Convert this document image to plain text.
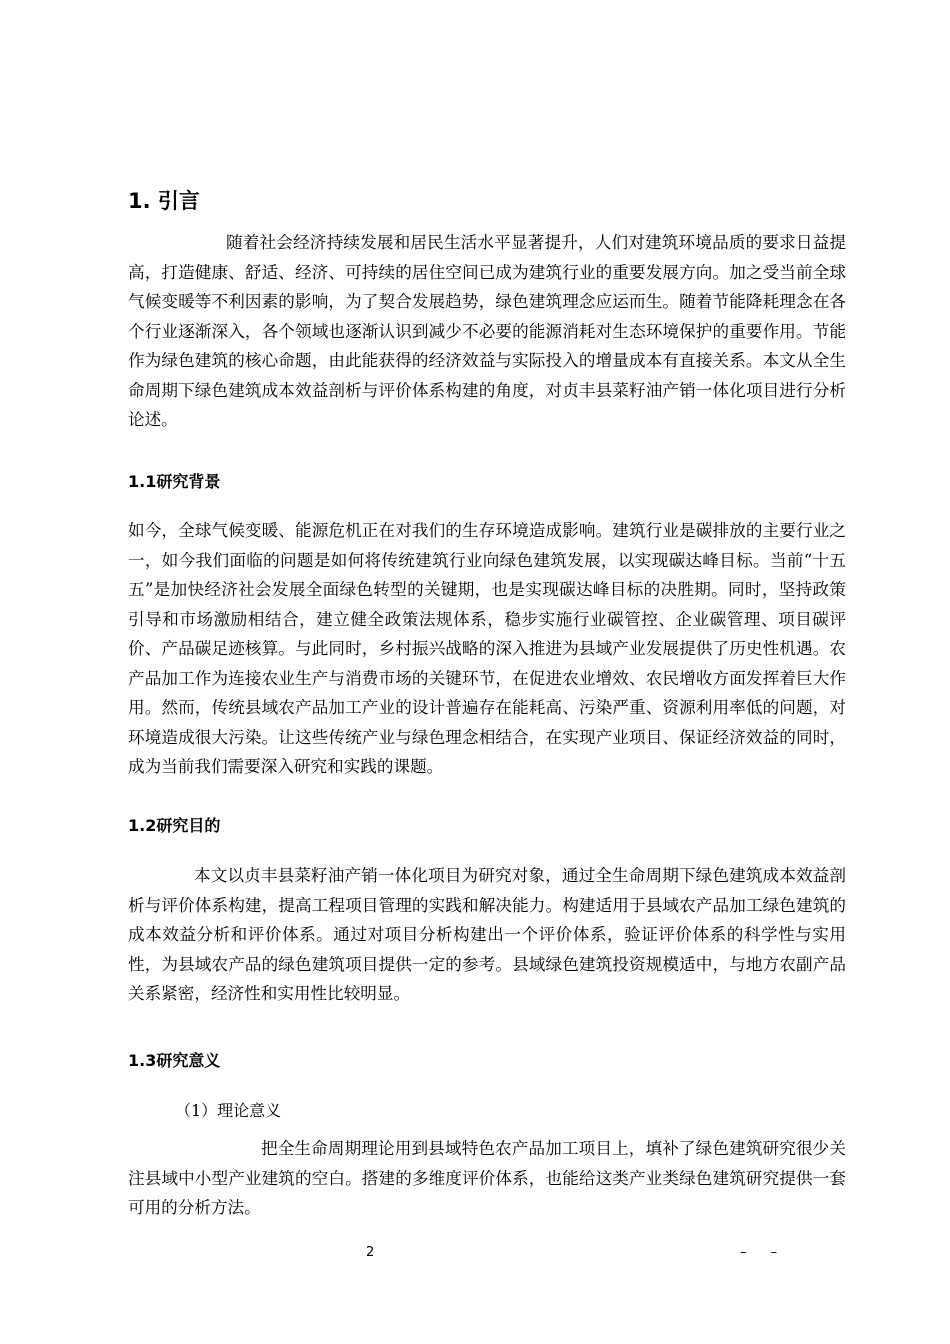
1. 引言

随着社会经济持续发展和居民生活水平显著提升，人们对建筑环境品质的要求日益提高，打造健康、舒适、经济、可持续的居住空间已成为建筑行业的重要发展方向。加之受当前全球气候变暖等不利因素的影响，为了契合发展趋势，绿色建筑理念应运而生。随着节能降耗理念在各个行业逐渐深入，各个领域也逐渐认识到减少不必要的能源消耗对生态环境保护的重要作用。节能作为绿色建筑的核心命题，由此能获得的经济效益与实际投入的增量成本有直接关系。本文从全生命周期下绿色建筑成本效益剖析与评价体系构建的角度，对贞丰县菜籽油产销一体化项目进行分析论述。

1.1研究背景

如今，全球气候变暖、能源危机正在对我们的生存环境造成影响。建筑行业是碳排放的主要行业之一，如今我们面临的问题是如何将传统建筑行业向绿色建筑发展，以实现碳达峰目标。当前“十五五”是加快经济社会发展全面绿色转型的关键期，也是实现碳达峰目标的决胜期。同时，坚持政策引导和市场激励相结合，建立健全政策法规体系，稳步实施行业碳管控、企业碳管理、项目碳评价、产品碳足迹核算。与此同时，乡村振兴战略的深入推进为县域产业发展提供了历史性机遇。农产品加工作为连接农业生产与消费市场的关键环节，在促进农业增效、农民增收方面发挥着巨大作用。然而，传统县域农产品加工产业的设计普遍存在能耗高、污染严重、资源利用率低的问题，对环境造成很大污染。让这些传统产业与绿色理念相结合，在实现产业项目、保证经济效益的同时，成为当前我们需要深入研究和实践的课题。

1.2研究目的

本文以贞丰县菜籽油产销一体化项目为研究对象，通过全生命周期下绿色建筑成本效益剖析与评价体系构建，提高工程项目管理的实践和解决能力。构建适用于县域农产品加工绿色建筑的成本效益分析和评价体系。通过对项目分析构建出一个评价体系，验证评价体系的科学性与实用性，为县域农产品的绿色建筑项目提供一定的参考。县域绿色建筑投资规模适中，与地方农副产品关系紧密，经济性和实用性比较明显。

1.3研究意义
（1）理论意义

把全生命周期理论用到县域特色农产品加工项目上，填补了绿色建筑研究很少关注县域中小型产业建筑的空白。搭建的多维度评价体系，也能给这类产业类绿色建筑研究提供一套可用的分析方法。

2	– –
